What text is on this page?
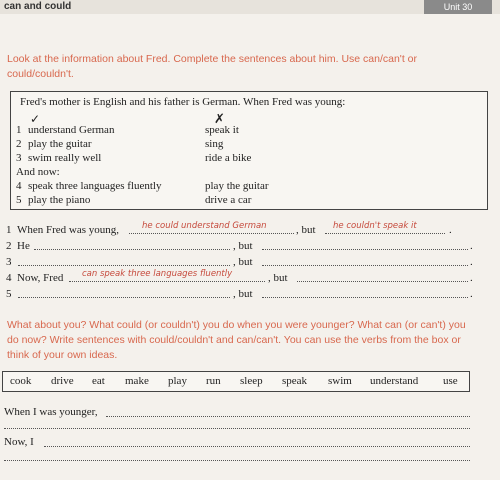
can and could	Unit 30
Look at the information about Fred. Complete the sentences about him. Use can/can't or could/couldn't.
Fred's mother is English and his father is German. When Fred was young:
✓	✗
1 understand German	speak it
2 play the guitar	sing
3 swim really well	ride a bike
And now:
4 speak three languages fluently	play the guitar
5 play the piano	drive a car
1 When Fred was young,	he could understand German	, but he couldn't speak it	.
2 He	, but	.
3	, but	.
4 Now, Fred can speak three languages fluently	, but	.
5	, but	.
What about you? What could (or couldn't) you do when you were younger? What can (or can't) you do now? Write sentences with could/couldn't and can/can't. You can use the verbs from the box or think of your own ideas.
cook drive eat make play run sleep speak swim understand use
When I was younger,
Now, I
